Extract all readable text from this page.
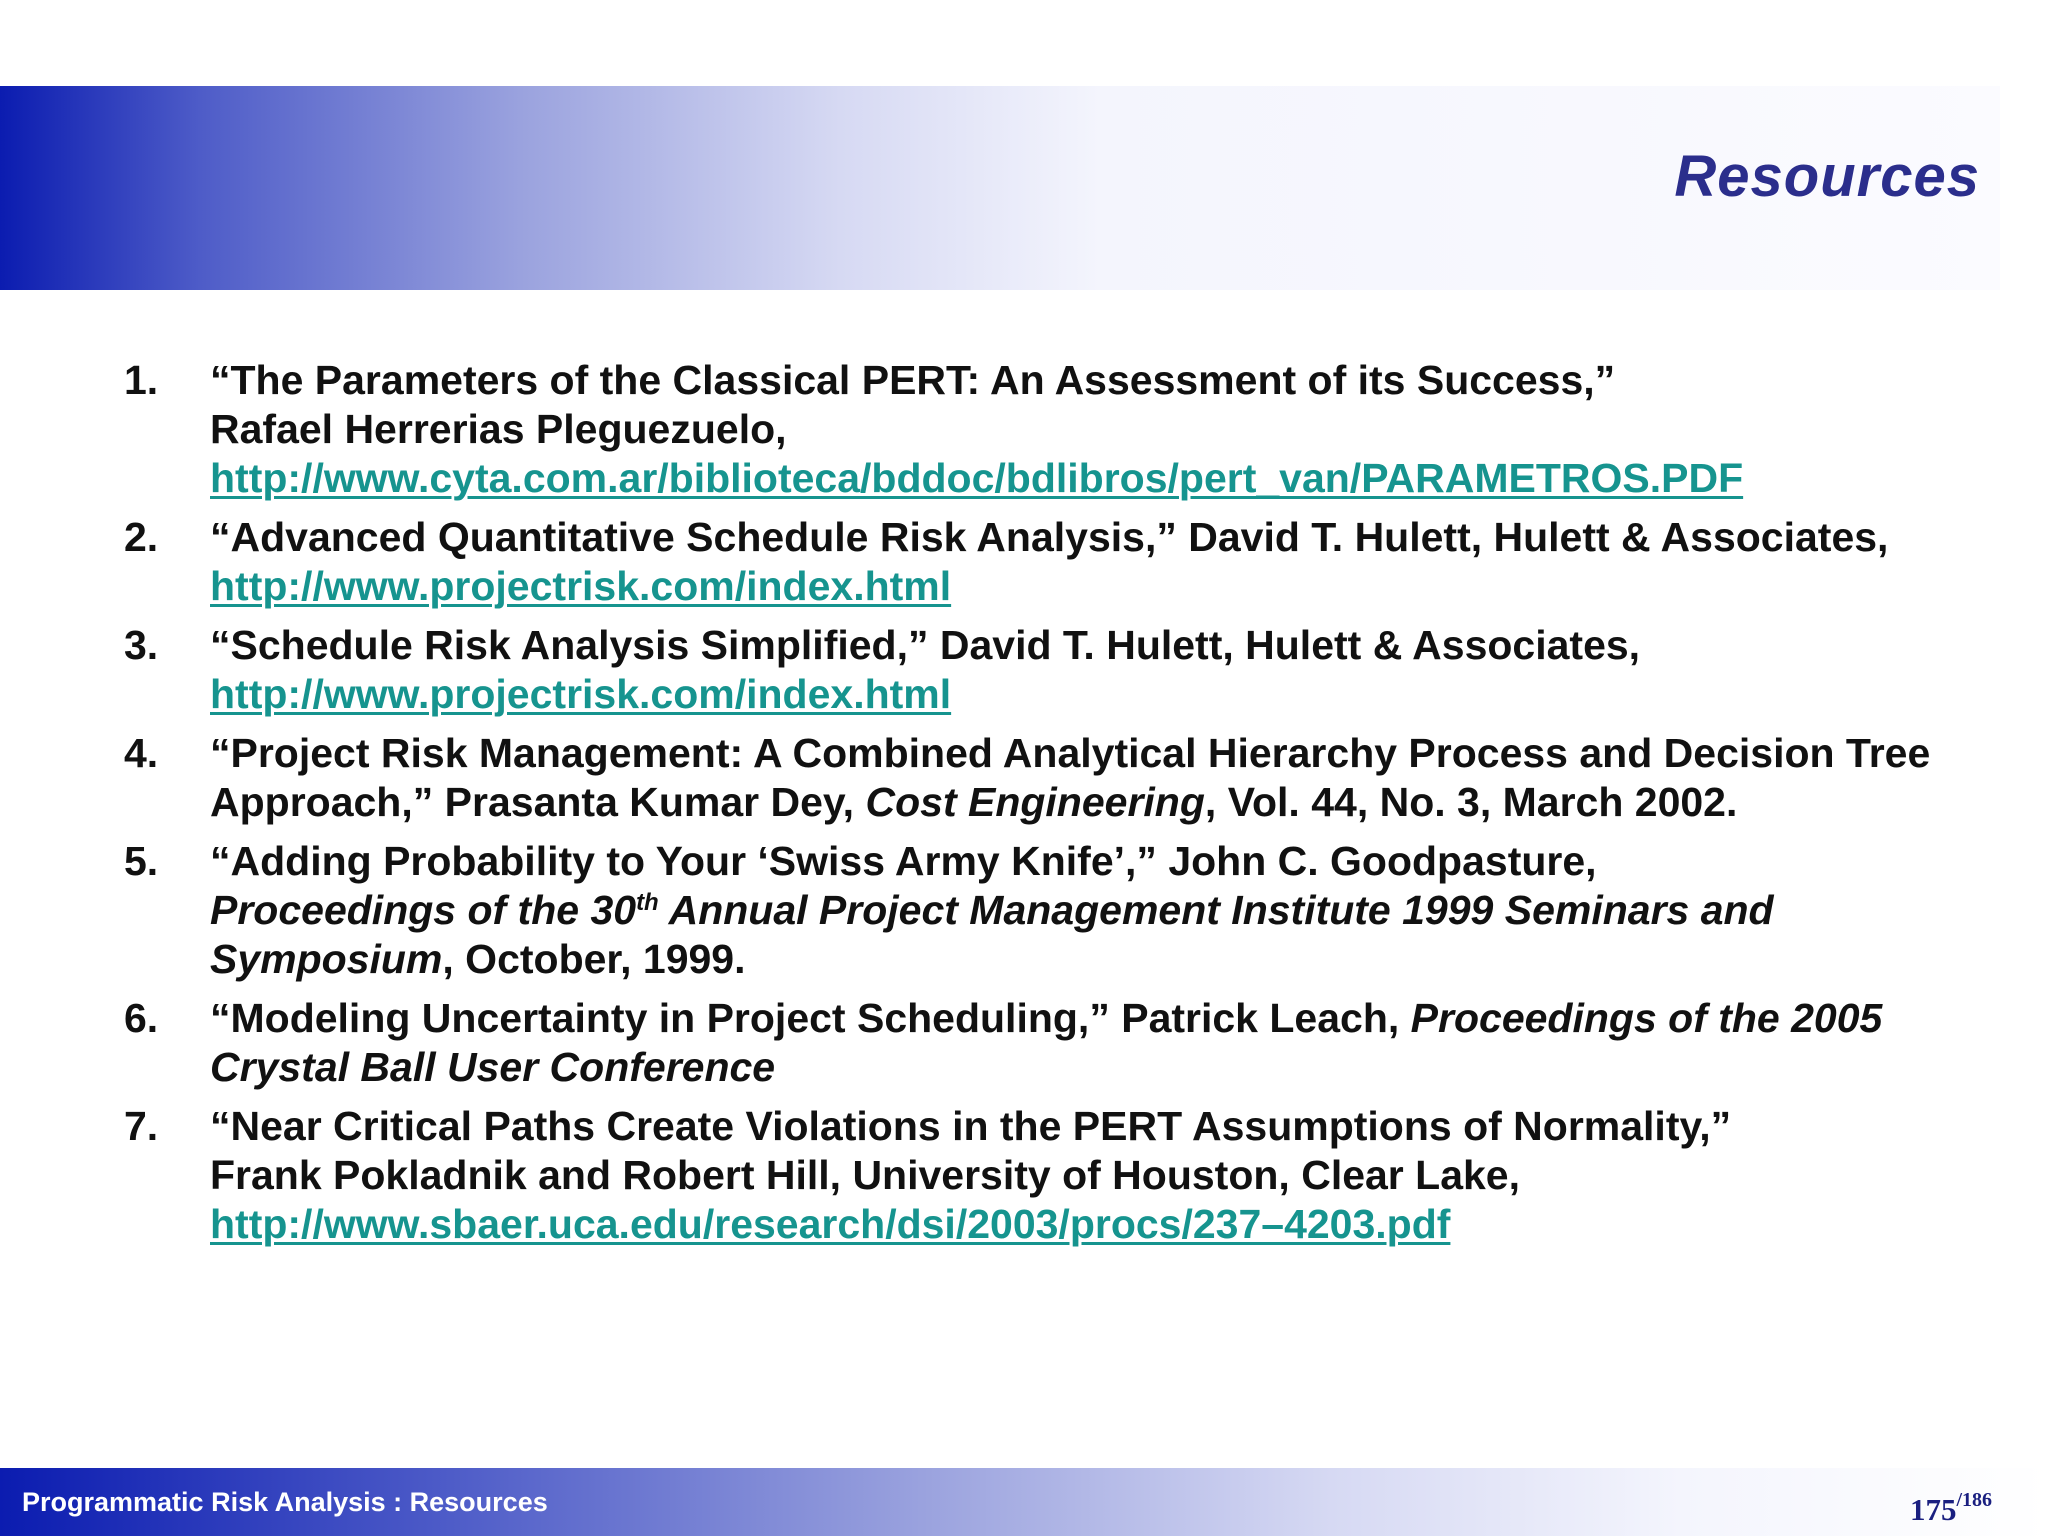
Resources
1. “The Parameters of the Classical PERT: An Assessment of its Success,”
Rafael Herrerias Pleguezuelo,
http://www.cyta.com.ar/biblioteca/bddoc/bdlibros/pert_van/PARAMETROS.PDF
2. “Advanced Quantitative Schedule Risk Analysis,” David T. Hulett, Hulett & Associates, http://www.projectrisk.com/index.html
3. “Schedule Risk Analysis Simplified,” David T. Hulett, Hulett & Associates,
http://www.projectrisk.com/index.html
4. “Project Risk Management: A Combined Analytical Hierarchy Process and Decision Tree Approach,” Prasanta Kumar Dey, Cost Engineering, Vol. 44, No. 3, March 2002.
5. “Adding Probability to Your ‘Swiss Army Knife’,” John C. Goodpasture,
Proceedings of the 30th Annual Project Management Institute 1999 Seminars and Symposium, October, 1999.
6. “Modeling Uncertainty in Project Scheduling,” Patrick Leach, Proceedings of the 2005 Crystal Ball User Conference
7. “Near Critical Paths Create Violations in the PERT Assumptions of Normality,”
Frank Pokladnik and Robert Hill, University of Houston, Clear Lake,
http://www.sbaer.uca.edu/research/dsi/2003/procs/237–4203.pdf
Programmatic Risk Analysis : Resources	175/186
